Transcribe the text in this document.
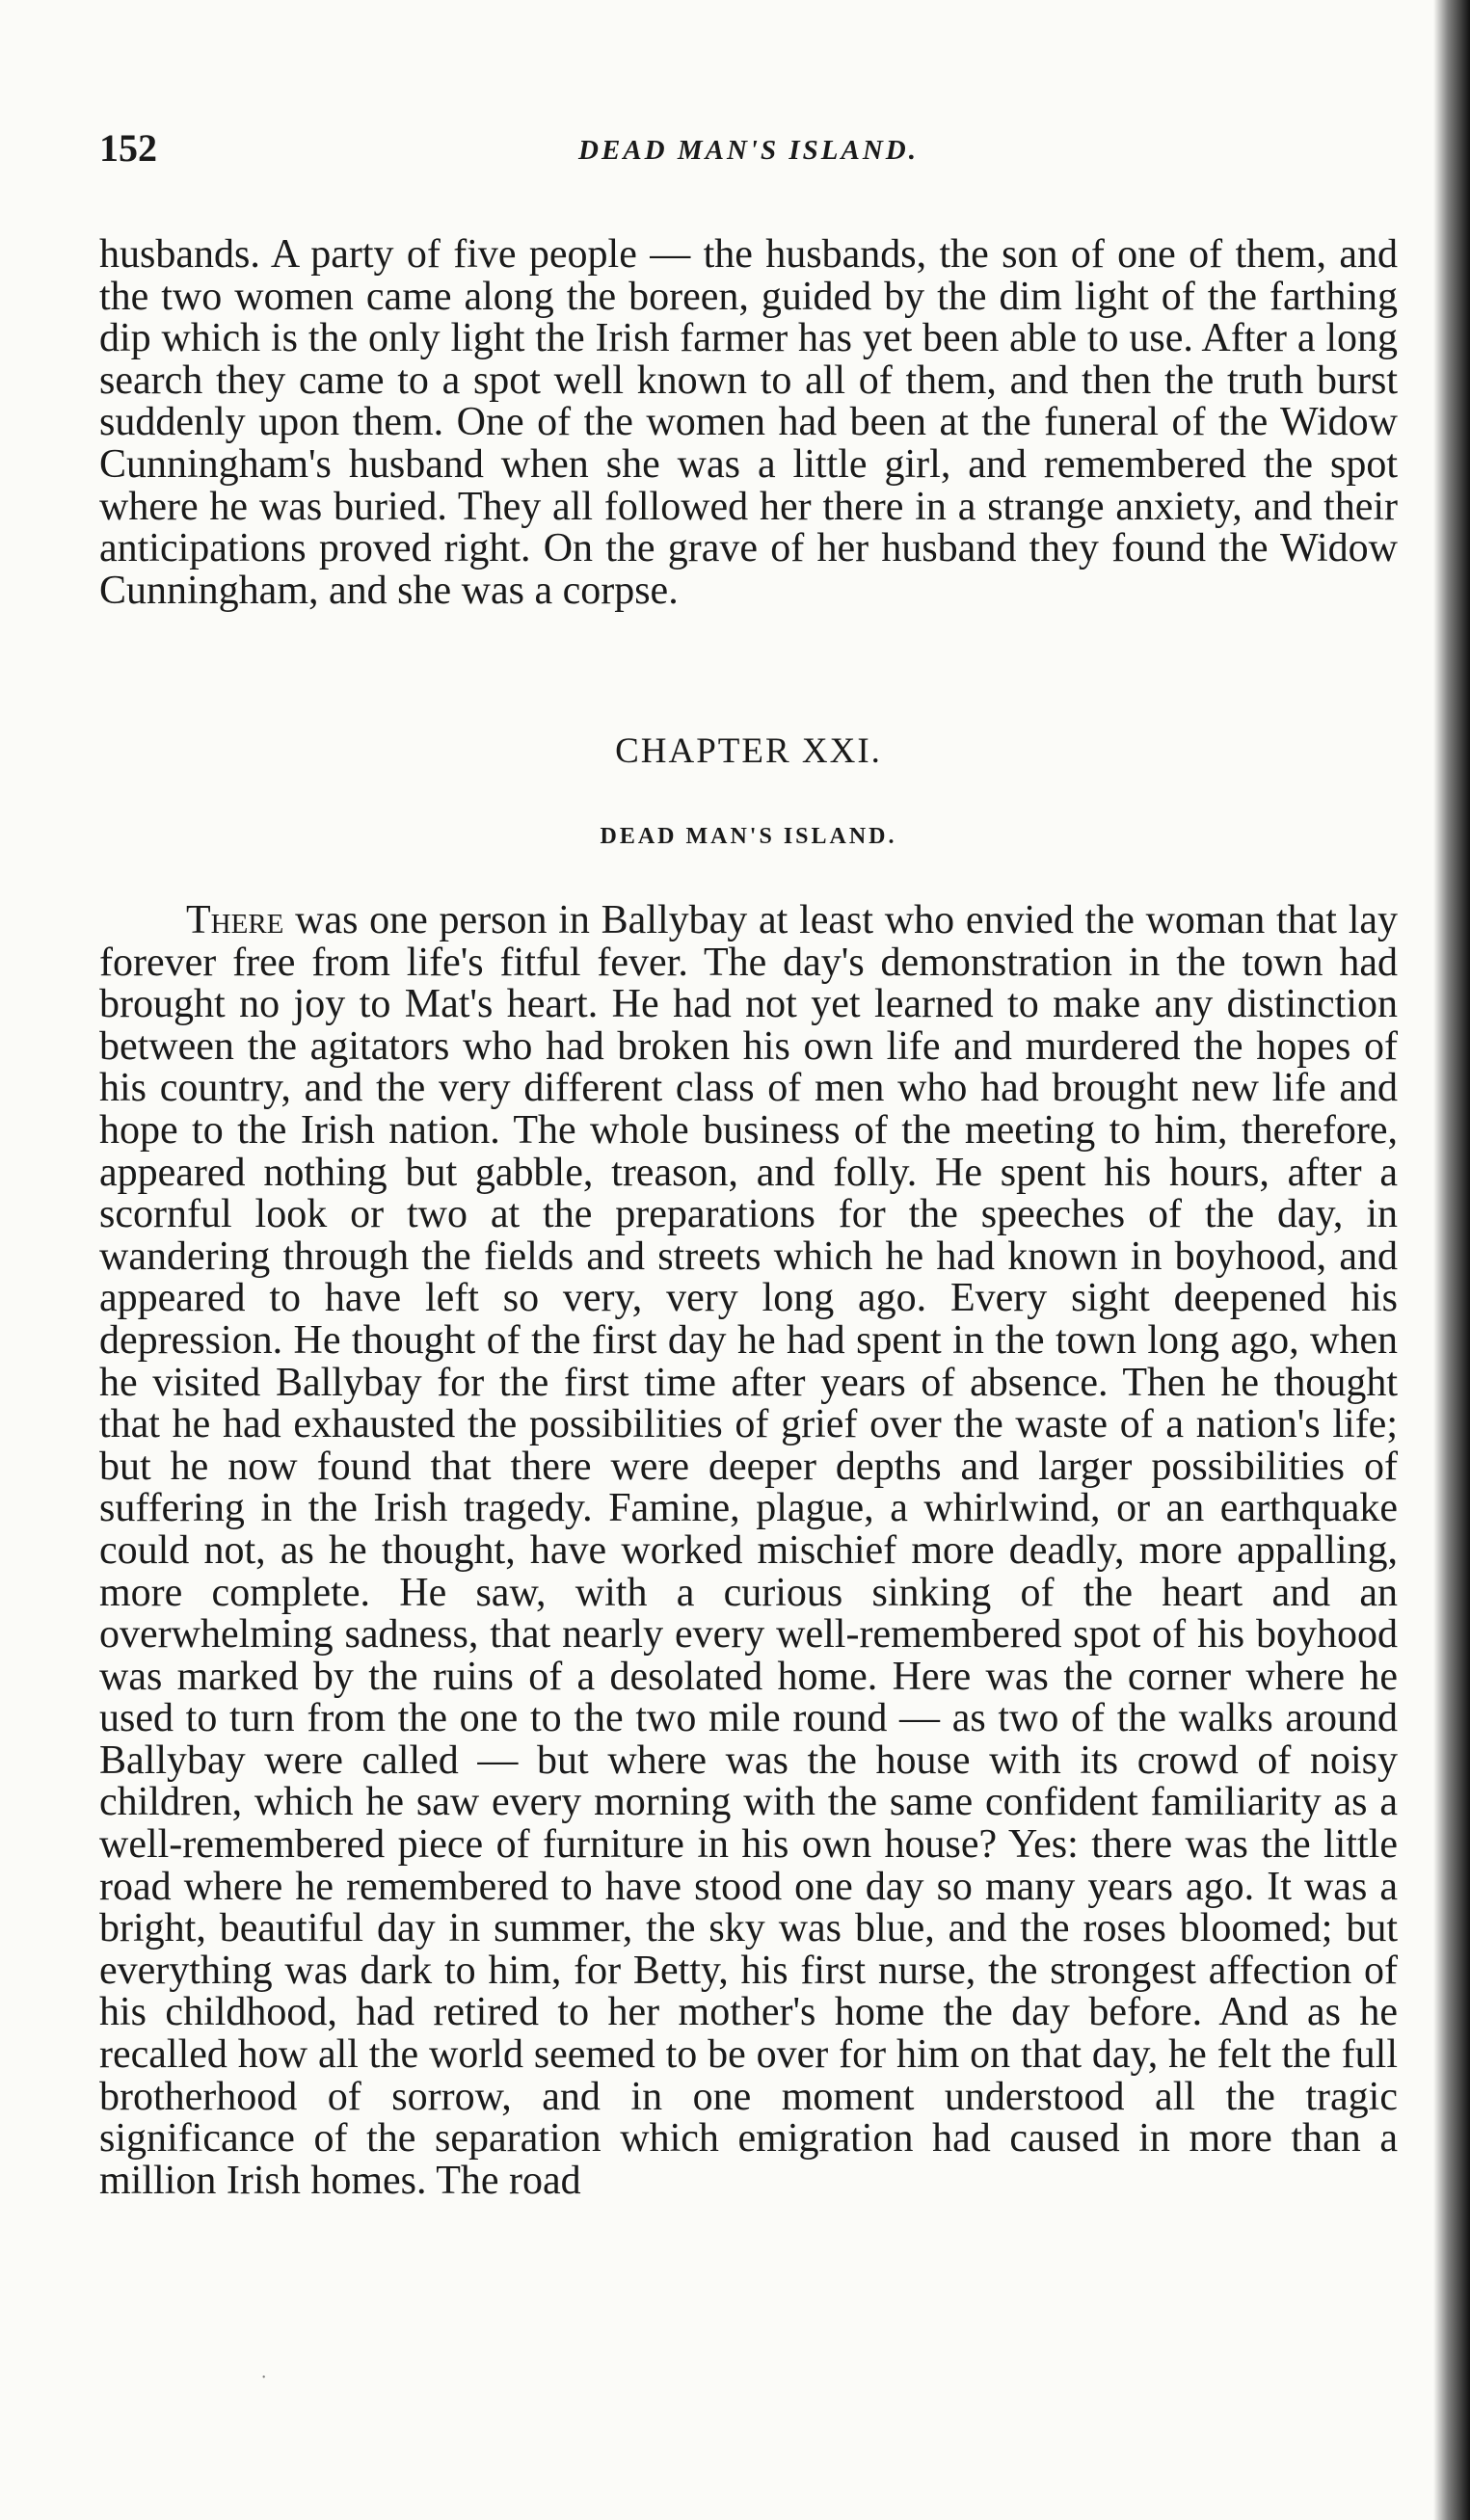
152	DEAD MAN'S ISLAND.

husbands. A party of five people — the husbands, the son of one of them, and the two women came along the boreen, guided by the dim light of the farthing dip which is the only light the Irish farmer has yet been able to use. After a long search they came to a spot well known to all of them, and then the truth burst suddenly upon them. One of the women had been at the funeral of the Widow Cunningham's husband when she was a little girl, and remembered the spot where he was buried. They all followed her there in a strange anxiety, and their anticipations proved right. On the grave of her husband they found the Widow Cunningham, and she was a corpse.

CHAPTER XXI.
DEAD MAN'S ISLAND.

There was one person in Ballybay at least who envied the woman that lay forever free from life's fitful fever. The day's demonstration in the town had brought no joy to Mat's heart. He had not yet learned to make any distinction between the agitators who had broken his own life and murdered the hopes of his country, and the very different class of men who had brought new life and hope to the Irish nation. The whole business of the meeting to him, therefore, appeared nothing but gabble, treason, and folly. He spent his hours, after a scornful look or two at the preparations for the speeches of the day, in wandering through the fields and streets which he had known in boyhood, and appeared to have left so very, very long ago. Every sight deepened his depression. He thought of the first day he had spent in the town long ago, when he visited Ballybay for the first time after years of absence. Then he thought that he had exhausted the possibilities of grief over the waste of a nation's life; but he now found that there were deeper depths and larger possibilities of suffering in the Irish tragedy. Famine, plague, a whirlwind, or an earthquake could not, as he thought, have worked mischief more deadly, more appalling, more complete. He saw, with a curious sinking of the heart and an overwhelming sadness, that nearly every well-remembered spot of his boyhood was marked by the ruins of a desolated home. Here was the corner where he used to turn from the one to the two mile round — as two of the walks around Ballybay were called — but where was the house with its crowd of noisy children, which he saw every morning with the same confident familiarity as a well-remembered piece of furniture in his own house? Yes: there was the little road where he remembered to have stood one day so many years ago. It was a bright, beautiful day in summer, the sky was blue, and the roses bloomed; but everything was dark to him, for Betty, his first nurse, the strongest affection of his childhood, had retired to her mother's home the day before. And as he recalled how all the world seemed to be over for him on that day, he felt the full brotherhood of sorrow, and in one moment understood all the tragic significance of the separation which emigration had caused in more than a million Irish homes. The road

˙
